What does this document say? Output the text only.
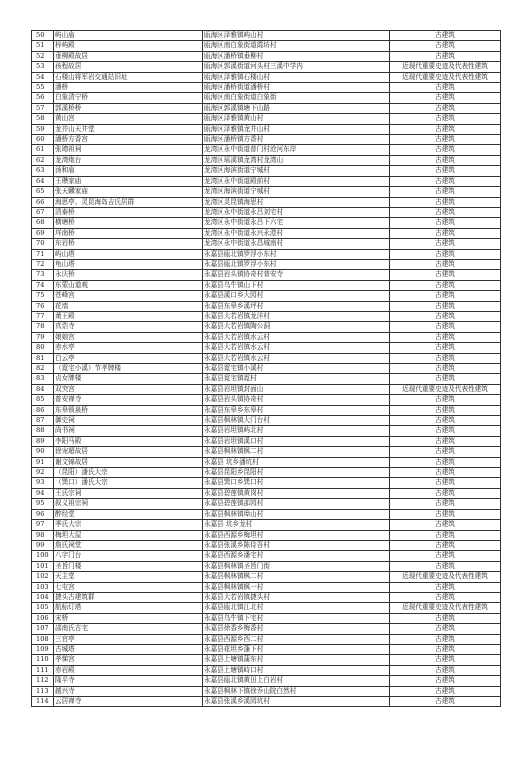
50	屿山庙	瓯海区泽雅镇屿山村	古建筑
51	梓屿殿	瓯海区南白象街道霞坊村	古建筑
52	垂柳殿故居	瓯海区潘桥镇垂柳村	古建筑
53	孩程故居	瓯海区郭溪街道河头村三溪中学内	近现代重要史迹及代表性建筑
54	石楼山将军岩交通站旧址	瓯海区泽雅镇石楼山村	近现代重要史迹及代表性建筑
55	潘桥	瓯海区潘桥街道潘桥村	古建筑
56	白象清宁桥	瓯海区南白象街道白象街	古建筑
57	郭溪桥桥	瓯海区郭溪镇塘下山路	古建筑
58	黄山宫	瓯海区泽雅镇黄山村	古建筑
59	龙井山天井堂	瓯海区泽雅镇龙井山村	古建筑
60	潘桥方香宫	瓯海区潘桥镇方香村	古建筑
61	张璁祖祠	龙湾区永中街道普门村沧河东岸	古建筑
62	龙湾炮台	龙湾区瑶溪镇龙湾村龙湾山	古建筑
63	汤和庙	龙湾区海滨街道宁城村	古建筑
64	王瓒家庙	龙湾区永中街道殿前村	古建筑
65	张天麟家庙	龙湾区海滨街道宁城村	古建筑
66	海思亭、灵昆海岛吉氏居群	龙湾区灵昆镇海思村	古建筑
67	清泰桥	龙湾区永中街道永吕刘宅村	古建筑
68	横塘桥	龙湾区永中街道永吕下六宅	古建筑
69	垟南桥	龙湾区永中街道永兴永澄村	古建筑
70	东岩桥	龙湾区永中街道永昌城南村	古建筑
71	屿山塔	永嘉县瓯北镇罗浮小东村	古建筑
72	龟山塔	永嘉县瓯北镇罗浮小东村	古建筑
73	永庆桥	永嘉县岩头镇协奇村普安寺	古建筑
74	东蒙山道观	永嘉县乌牛镇山下村	古建筑
75	苍峰宫	永嘉县溪口乡大园村	古建筑
76	花墙	永嘉县东皋乡溪坪村	古建筑
77	萧王殿	永嘉县大若岩镇龙洋村	古建筑
78	真诰寺	永嘉县大若岩镇陶公洞	古建筑
79	娘娘宫	永嘉县大若岩镇水云村	古建筑
80	赤水亭	永嘉县大若岩镇水云村	古建筑
81	白云亭	永嘉县大若岩镇水云村	古建筑
82	（霓宅小溪）节孝牌楼	永嘉县霓宅镇小溪村	古建筑
83	贞女牌楼	永嘉县霓宅镇霓村	古建筑
84	双突宫	永嘉县岩坦镇封面山	近现代重要史迹及代表性建筑
85	普安禅寺	永嘉县岩头镇协奇村	古建筑
86	东皋锁泉桥	永嘉县东皋乡东皋村	古建筑
87	御史祠	永嘉县枫林镇大门台村	古建筑
88	尚书祠	永嘉县岩坦镇屿北村	古建筑
89	李阳马殿	永嘉县岩坦镇溪口村	古建筑
90	徐宠超故居	永嘉县枫林镇枫二村	古建筑
91	谢文锦故居	永嘉县 坑乡潘坑村	古建筑
92	（昆阳）潘氏大宗	永嘉县昆阳乡昆阳村	古建筑
93	（巽口）潘氏大宗	永嘉县巽口乡巽口村	古建筑
94	王氏宗祠	永嘉县碧莲镇黄岗村	古建筑
95	叙义祖宗祠	永嘉县碧莲镇邵园村	古建筑
96	醉经堂	永嘉县枫林镇埠山村	古建筑
97	季氏大宗	永嘉县 坑乡龙村	古建筑
98	梅坦大屋	永嘉县西源乡梅坦村	古建筑
99	詹氏祠堂	永嘉县张溪乡陈侍吾村	古建筑
100	八字门台	永嘉县西源乡潘宅村	古建筑
101	圣旨门楼	永嘉县枫林镇圣旨门街	古建筑
102	天主堂	永嘉县枫林镇枫二村	近现代重要史迹及代表性建筑
103	七屯宫	永嘉县枫林镇枫一村	古建筑
104	捷头古建筑群	永嘉县大若岩镇捷头村	古建筑
105	航标灯塔	永嘉县瓯北镇江北村	近现代重要史迹及代表性建筑
106	宋桥	永嘉县乌牛镇下宅村	古建筑
107	邵南氏古宅	永嘉县徐香乡梅香村	古建筑
108	三官亭	永嘉县西源乡西二村	古建筑
109	古城塔	永嘉县花坦乡蓬下村	古建筑
110	孝悌宫	永嘉县上塘镇蒲东村	古建筑
111	赤岩殿	永嘉县上塘镇峙口村	古建筑
112	隆平寺	永嘉县瓯北镇黄田上白岩村	古建筑
113	越兴寺	永嘉县枫林下镇徐乔山院白然村	古建筑
114	云居禅寺	永嘉县张溪乡溪园坑村	古建筑
